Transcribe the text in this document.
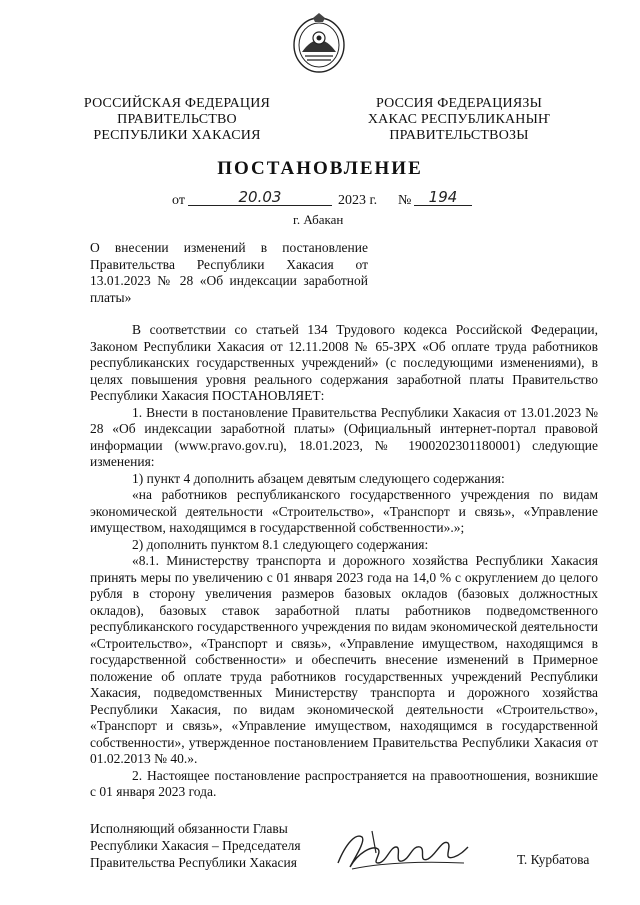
РОССИЙСКАЯ ФЕДЕРАЦИЯ
ПРАВИТЕЛЬСТВО
РЕСПУБЛИКИ ХАКАСИЯ
РОССИЯ ФЕДЕРАЦИЯЗЫ
ХАКАС РЕСПУБЛИКАНЫҤ
ПРАВИТЕЛЬСТВОЗЫ
ПОСТАНОВЛЕНИЕ
от	20.03	2023 г. №	194
г. Абакан

О внесении изменений в постановление Правительства Республики Хакасия от 13.01.2023 № 28 «Об индексации заработной платы»

В соответствии со статьей 134 Трудового кодекса Российской Федерации, Законом Республики Хакасия от 12.11.2008 № 65-ЗРХ «Об оплате труда работников республиканских государственных учреждений» (с последующими изменениями), в целях повышения уровня реального содержания заработной платы Правительство Республики Хакасия ПОСТАНОВЛЯЕТ:

1. Внести в постановление Правительства Республики Хакасия от 13.01.2023 № 28 «Об индексации заработной платы» (Официальный интернет-портал правовой информации (www.pravo.gov.ru), 18.01.2023, № 1900202301180001) следующие изменения:

1) пункт 4 дополнить абзацем девятым следующего содержания:

«на работников республиканского государственного учреждения по видам экономической деятельности «Строительство», «Транспорт и связь», «Управление имуществом, находящимся в государственной собственности».»;

2) дополнить пунктом 8.1 следующего содержания:

«8.1. Министерству транспорта и дорожного хозяйства Республики Хакасия принять меры по увеличению с 01 января 2023 года на 14,0 % с округлением до целого рубля в сторону увеличения размеров базовых окладов (базовых должностных окладов), базовых ставок заработной платы работников подведомственного республиканского государственного учреждения по видам экономической деятельности «Строительство», «Транспорт и связь», «Управление имуществом, находящимся в государственной собственности» и обеспечить внесение изменений в Примерное положение об оплате труда работников государственных учреждений Республики Хакасия, подведомственных Министерству транспорта и дорожного хозяйства Республики Хакасия, по видам экономической деятельности «Строительство», «Транспорт и связь», «Управление имуществом, находящимся в государственной собственности», утвержденное постановлением Правительства Республики Хакасия от 01.02.2013 № 40.».

2. Настоящее постановление распространяется на правоотношения, возникшие с 01 января 2023 года.

Исполняющий обязанности Главы
Республики Хакасия – Председателя
Правительства Республики Хакасия	Т. Курбатова
